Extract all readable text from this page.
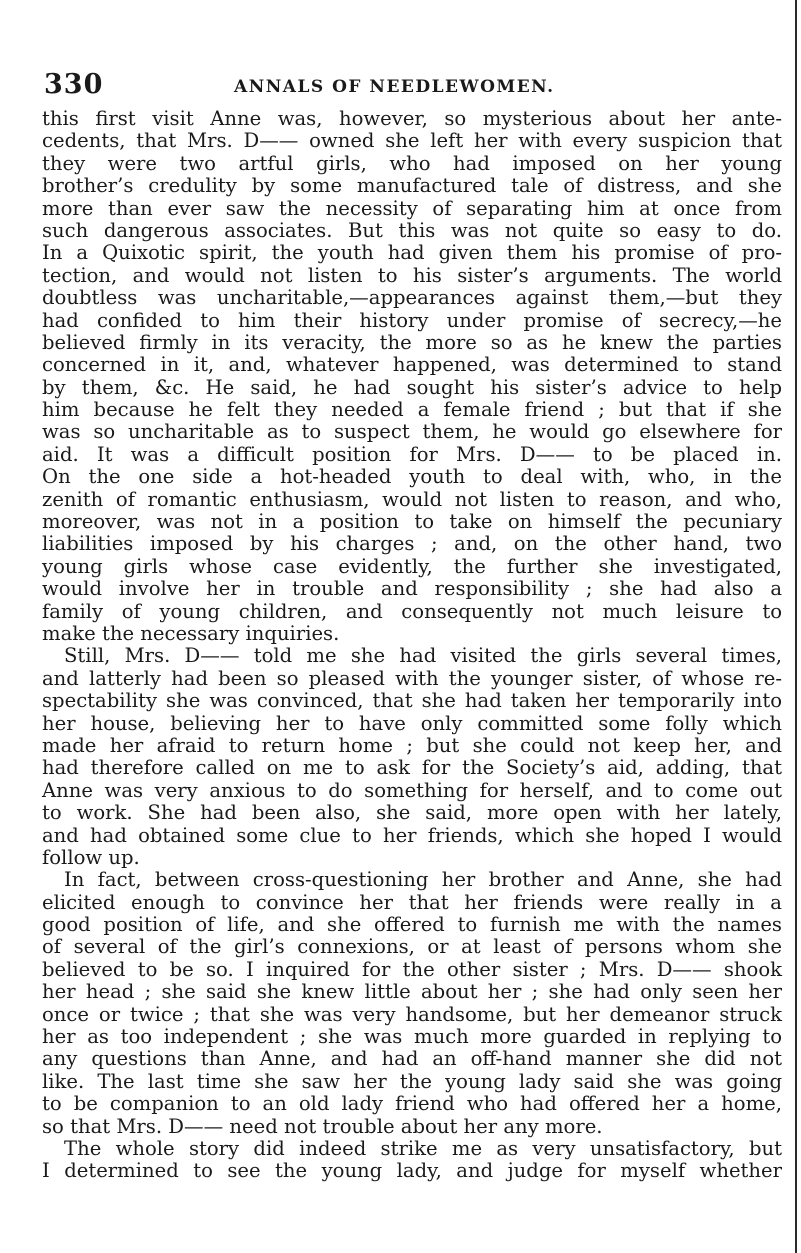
330	ANNALS OF NEEDLEWOMEN.
this first visit Anne was, however, so mysterious about her ante-
cedents, that Mrs. D—— owned she left her with every suspicion that
they were two artful girls, who had imposed on her young
brother’s credulity by some manufactured tale of distress, and she
more than ever saw the necessity of separating him at once from
such dangerous associates. But this was not quite so easy to do.
In a Quixotic spirit, the youth had given them his promise of pro-
tection, and would not listen to his sister’s arguments. The world
doubtless was uncharitable,—appearances against them,—but they
had confided to him their history under promise of secrecy,—he
believed firmly in its veracity, the more so as he knew the parties
concerned in it, and, whatever happened, was determined to stand
by them, &c. He said, he had sought his sister’s advice to help
him because he felt they needed a female friend ; but that if she
was so uncharitable as to suspect them, he would go elsewhere for
aid. It was a difficult position for Mrs. D—— to be placed in.
On the one side a hot-headed youth to deal with, who, in the
zenith of romantic enthusiasm, would not listen to reason, and who,
moreover, was not in a position to take on himself the pecuniary
liabilities imposed by his charges ; and, on the other hand, two
young girls whose case evidently, the further she investigated,
would involve her in trouble and responsibility ; she had also a
family of young children, and consequently not much leisure to
make the necessary inquiries.
Still, Mrs. D—— told me she had visited the girls several times,
and latterly had been so pleased with the younger sister, of whose re-
spectability she was convinced, that she had taken her temporarily into
her house, believing her to have only committed some folly which
made her afraid to return home ; but she could not keep her, and
had therefore called on me to ask for the Society’s aid, adding, that
Anne was very anxious to do something for herself, and to come out
to work. She had been also, she said, more open with her lately,
and had obtained some clue to her friends, which she hoped I would
follow up.
In fact, between cross-questioning her brother and Anne, she had
elicited enough to convince her that her friends were really in a
good position of life, and she offered to furnish me with the names
of several of the girl’s connexions, or at least of persons whom she
believed to be so. I inquired for the other sister ; Mrs. D—— shook
her head ; she said she knew little about her ; she had only seen her
once or twice ; that she was very handsome, but her demeanor struck
her as too independent ; she was much more guarded in replying to
any questions than Anne, and had an off-hand manner she did not
like. The last time she saw her the young lady said she was going
to be companion to an old lady friend who had offered her a home,
so that Mrs. D—— need not trouble about her any more.
The whole story did indeed strike me as very unsatisfactory, but
I determined to see the young lady, and judge for myself whether
